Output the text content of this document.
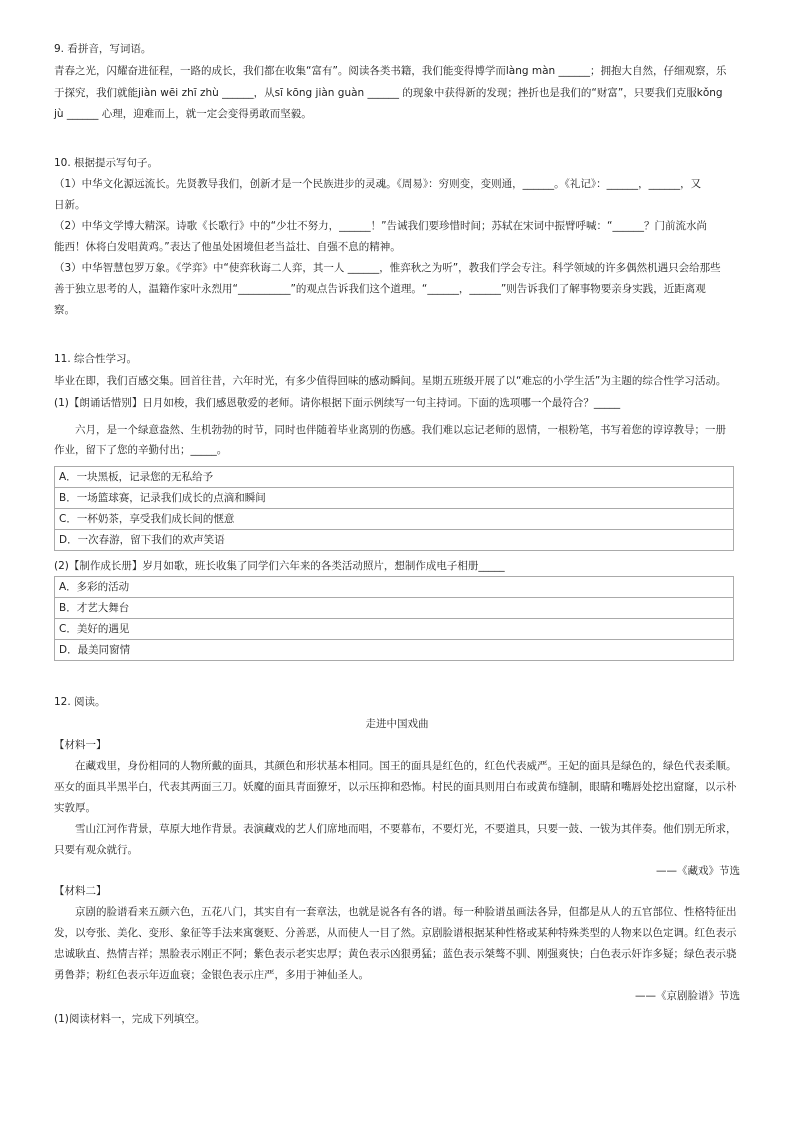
9. 看拼音，写词语。
青春之光，闪耀奋进征程，一路的成长，我们都在收集“富有”。阅读各类书籍，我们能变得博学而làng màn ______；拥抱大自然，仔细观察，乐
于探究，我们就能jiàn wēi zhī zhù ______，从sī kōng jiàn guàn ______ 的现象中获得新的发现；挫折也是我们的“财富”，只要我们克服kǒng
jù ______ 心理，迎难而上，就一定会变得勇敢而坚毅。
10. 根据提示写句子。
（1）中华文化源远流长。先贤教导我们，创新才是一个民族进步的灵魂。《周易》：穷则变，变则通，______。《礼记》：______，______，又
日新。
（2）中华文学博大精深。诗歌《长歌行》中的“少壮不努力，______！”告诫我们要珍惜时间；苏轼在宋词中振臂呼喊：“______？门前流水尚
能西！休将白发唱黄鸡。”表达了他虽处困境但老当益壮、自强不息的精神。
（3）中华智慧包罗万象。《学弈》中“使弈秋诲二人弈，其一人 ______，惟弈秋之为听”，教我们学会专注。科学领域的许多偶然机遇只会给那些
善于独立思考的人，温籍作家叶永烈用“__________”的观点告诉我们这个道理。“______，______”则告诉我们了解事物要亲身实践，近距离观
察。
11. 综合性学习。
毕业在即，我们百感交集。回首往昔，六年时光，有多少值得回味的感动瞬间。星期五班级开展了以“难忘的小学生活”为主题的综合性学习活动。
(1)【朗诵话惜别】日月如梭，我们感恩敬爱的老师。请你根据下面示例续写一句主持词。下面的选项哪一个最符合？_____
六月，是一个绿意盎然、生机勃勃的时节，同时也伴随着毕业离别的伤感。我们难以忘记老师的恩情，一根粉笔，书写着您的谆谆教导；一册
作业，留下了您的辛勤付出；_____。
A．一块黑板，记录您的无私给予
B．一场篮球赛，记录我们成长的点滴和瞬间
C．一杯奶茶，享受我们成长间的惬意
D．一次春游，留下我们的欢声笑语
(2)【制作成长册】岁月如歌，班长收集了同学们六年来的各类活动照片，想制作成电子相册_____
A．多彩的活动
B．才艺大舞台
C．美好的遇见
D．最美同窗情
12. 阅读。
走进中国戏曲
【材料一】
在藏戏里，身份相同的人物所戴的面具，其颜色和形状基本相同。国王的面具是红色的，红色代表威严。王妃的面具是绿色的，绿色代表柔顺。
巫女的面具半黑半白，代表其两面三刀。妖魔的面具青面獠牙，以示压抑和恐怖。村民的面具则用白布或黄布缝制，眼睛和嘴唇处挖出窟窿，以示朴
实敦厚。
雪山江河作背景，草原大地作背景。表演藏戏的艺人们席地而唱，不要幕布，不要灯光，不要道具，只要一鼓、一钹为其伴奏。他们别无所求，
只要有观众就行。
——《藏戏》节选
【材料二】
京剧的脸谱看来五颜六色，五花八门，其实自有一套章法，也就是说各有各的谱。每一种脸谱虽画法各异，但都是从人的五官部位、性格特征出
发，以夸张、美化、变形、象征等手法来寓褒贬、分善恶，从而使人一目了然。京剧脸谱根据某种性格或某种特殊类型的人物来以色定调。红色表示
忠诚耿直、热情吉祥；黑脸表示刚正不阿；紫色表示老实忠厚；黄色表示凶狠勇猛；蓝色表示桀骜不驯、刚强爽快；白色表示奸诈多疑；绿色表示骁
勇鲁莽；粉红色表示年迈血衰；金银色表示庄严，多用于神仙圣人。
——《京剧脸谱》节选
(1)阅读材料一，完成下列填空。
